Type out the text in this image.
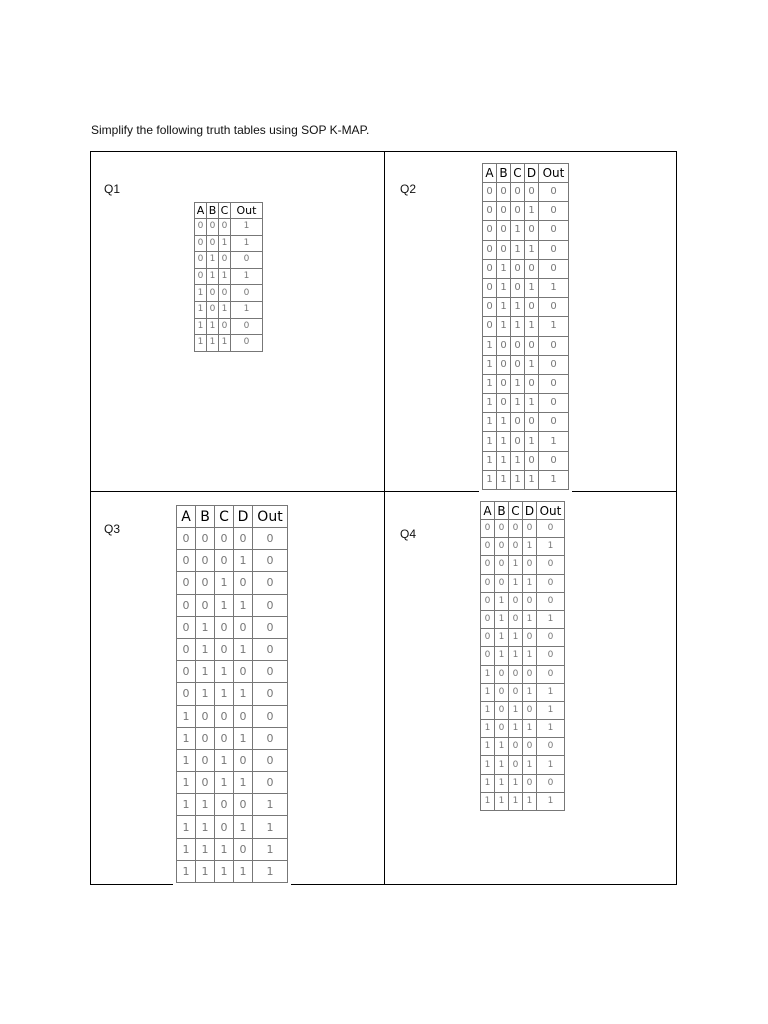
Simplify the following truth tables using SOP K-MAP.
Q1	Q2
Q3	Q4
A	B	C	Out
0	0	0	1
0	0	1	1
0	1	0	0
0	1	1	1
1	0	0	0
1	0	1	1
1	1	0	0
1	1	1	0
A	B	C	D	Out
0	0	0	0	0
0	0	0	1	0
0	0	1	0	0
0	0	1	1	0
0	1	0	0	0
0	1	0	1	1
0	1	1	0	0
0	1	1	1	1
1	0	0	0	0
1	0	0	1	0
1	0	1	0	0
1	0	1	1	0
1	1	0	0	0
1	1	0	1	1
1	1	1	0	0
1	1	1	1	1
A	B	C	D	Out
0	0	0	0	0
0	0	0	1	0
0	0	1	0	0
0	0	1	1	0
0	1	0	0	0
0	1	0	1	0
0	1	1	0	0
0	1	1	1	0
1	0	0	0	0
1	0	0	1	0
1	0	1	0	0
1	0	1	1	0
1	1	0	0	1
1	1	0	1	1
1	1	1	0	1
1	1	1	1	1
A	B	C	D	Out
0	0	0	0	0
0	0	0	1	1
0	0	1	0	0
0	0	1	1	0
0	1	0	0	0
0	1	0	1	1
0	1	1	0	0
0	1	1	1	0
1	0	0	0	0
1	0	0	1	1
1	0	1	0	1
1	0	1	1	1
1	1	0	0	0
1	1	0	1	1
1	1	1	0	0
1	1	1	1	1
